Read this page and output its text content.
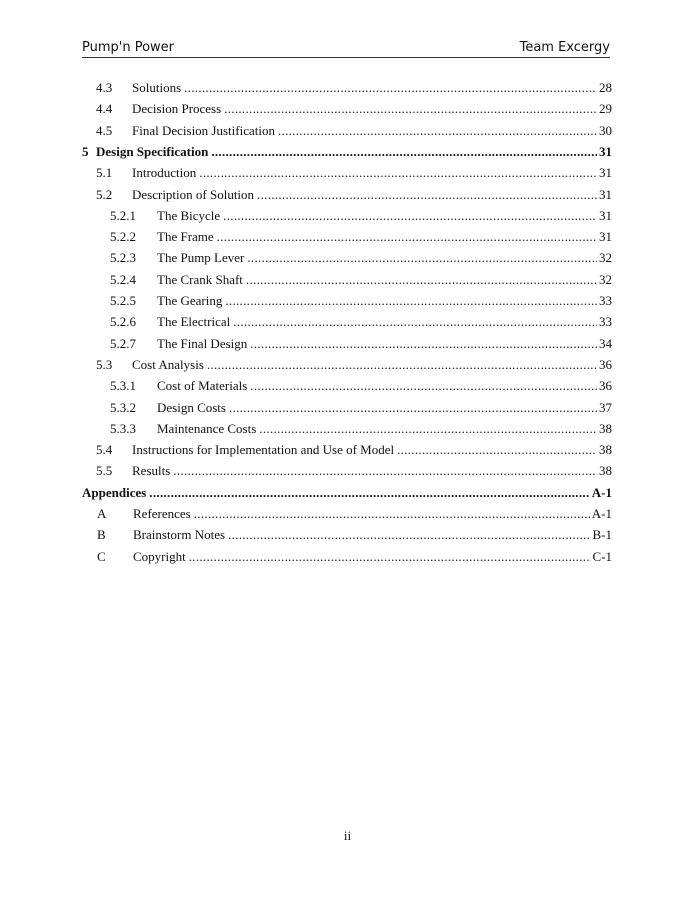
Pump'n Power	Team Excergy
4.3	Solutions .....	28
4.4	Decision Process .....	29
4.5	Final Decision Justification .....	30
5 Design Specification .....	31
5.1	Introduction .....	31
5.2	Description of Solution .....	31
5.2.1	The Bicycle .....	31
5.2.2	The Frame .....	31
5.2.3	The Pump Lever .....	32
5.2.4	The Crank Shaft .....	32
5.2.5	The Gearing .....	33
5.2.6	The Electrical .....	33
5.2.7	The Final Design .....	34
5.3	Cost Analysis .....	36
5.3.1	Cost of Materials .....	36
5.3.2	Design Costs .....	37
5.3.3	Maintenance Costs .....	38
5.4	Instructions for Implementation and Use of Model .....	38
5.5	Results .....	38
Appendices .....	A-1
A	References .....	A-1
B	Brainstorm Notes .....	B-1
C	Copyright .....	C-1
ii
